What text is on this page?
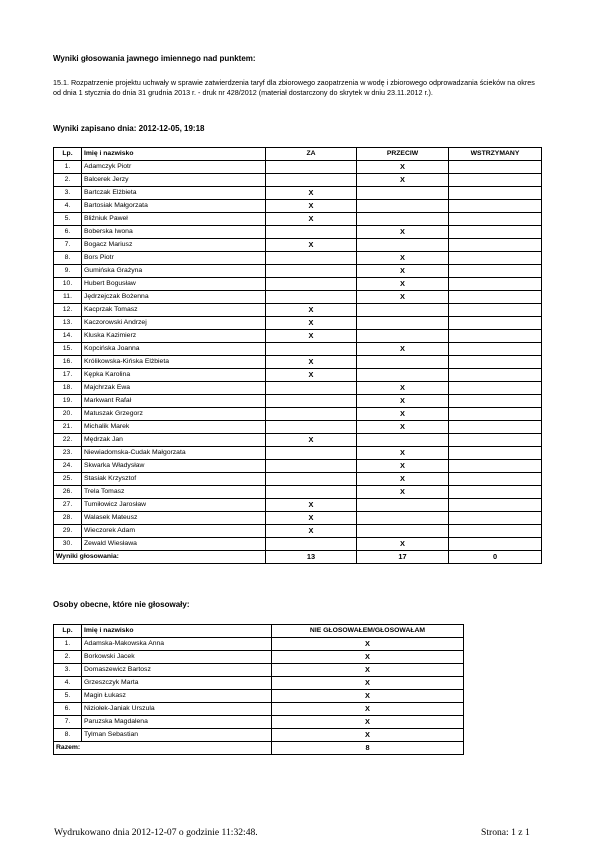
Wyniki głosowania jawnego imiennego nad punktem:
15.1. Rozpatrzenie projektu uchwały w sprawie zatwierdzenia taryf dla zbiorowego zaopatrzenia w wodę i zbiorowego odprowadzania ścieków na okres od dnia 1 stycznia do dnia 31 grudnia 2013 r. - druk nr 428/2012 (materiał dostarczony do skrytek w dniu 23.11.2012 r.).
Wyniki zapisano dnia: 2012-12-05, 19:18
Lp.	Imię i nazwisko	ZA	PRZECIW	WSTRZYMANY
1.	Adamczyk Piotr		X	
2.	Balcerek Jerzy		X	
3.	Bartczak Elżbieta	X		
4.	Bartosiak Małgorzata	X		
5.	Bliźniuk Paweł	X		
6.	Boberska Iwona		X	
7.	Bogacz Mariusz	X		
8.	Bors Piotr		X	
9.	Gumińska Grażyna		X	
10.	Hubert Bogusław		X	
11.	Jędrzejczak Bożenna		X	
12.	Kacprzak Tomasz	X		
13.	Kaczorowski Andrzej	X		
14.	Kluska Kazimierz	X		
15.	Kopcińska Joanna		X	
16.	Królikowska-Kińska Elżbieta	X		
17.	Kępka Karolina	X		
18.	Majchrzak Ewa		X	
19.	Markwant Rafał		X	
20.	Matuszak Grzegorz		X	
21.	Michalik Marek		X	
22.	Mędrzak Jan	X		
23.	Niewiadomska-Cudak Małgorzata		X	
24.	Skwarka Władysław		X	
25.	Stasiak Krzysztof		X	
26.	Trela Tomasz		X	
27.	Tumiłowicz Jarosław	X		
28.	Walasek Mateusz	X		
29.	Wieczorek Adam	X		
30.	Zewald Wiesława		X	
Wyniki głosowania:		13	17	0
Osoby obecne, które nie głosowały:
Lp.	Imię i nazwisko	NIE GŁOSOWAŁEM/GŁOSOWAŁAM
1.	Adamska-Makowska Anna	X
2.	Borkowski Jacek	X
3.	Domaszewicz Bartosz	X
4.	Grzeszczyk Marta	X
5.	Magin Łukasz	X
6.	Niziołek-Janiak Urszula	X
7.	Paruzska Magdalena	X
8.	Tylman Sebastian	X
Razem:		8
Wydrukowano dnia 2012-12-07 o godzinie 11:32:48.	Strona: 1 z 1
